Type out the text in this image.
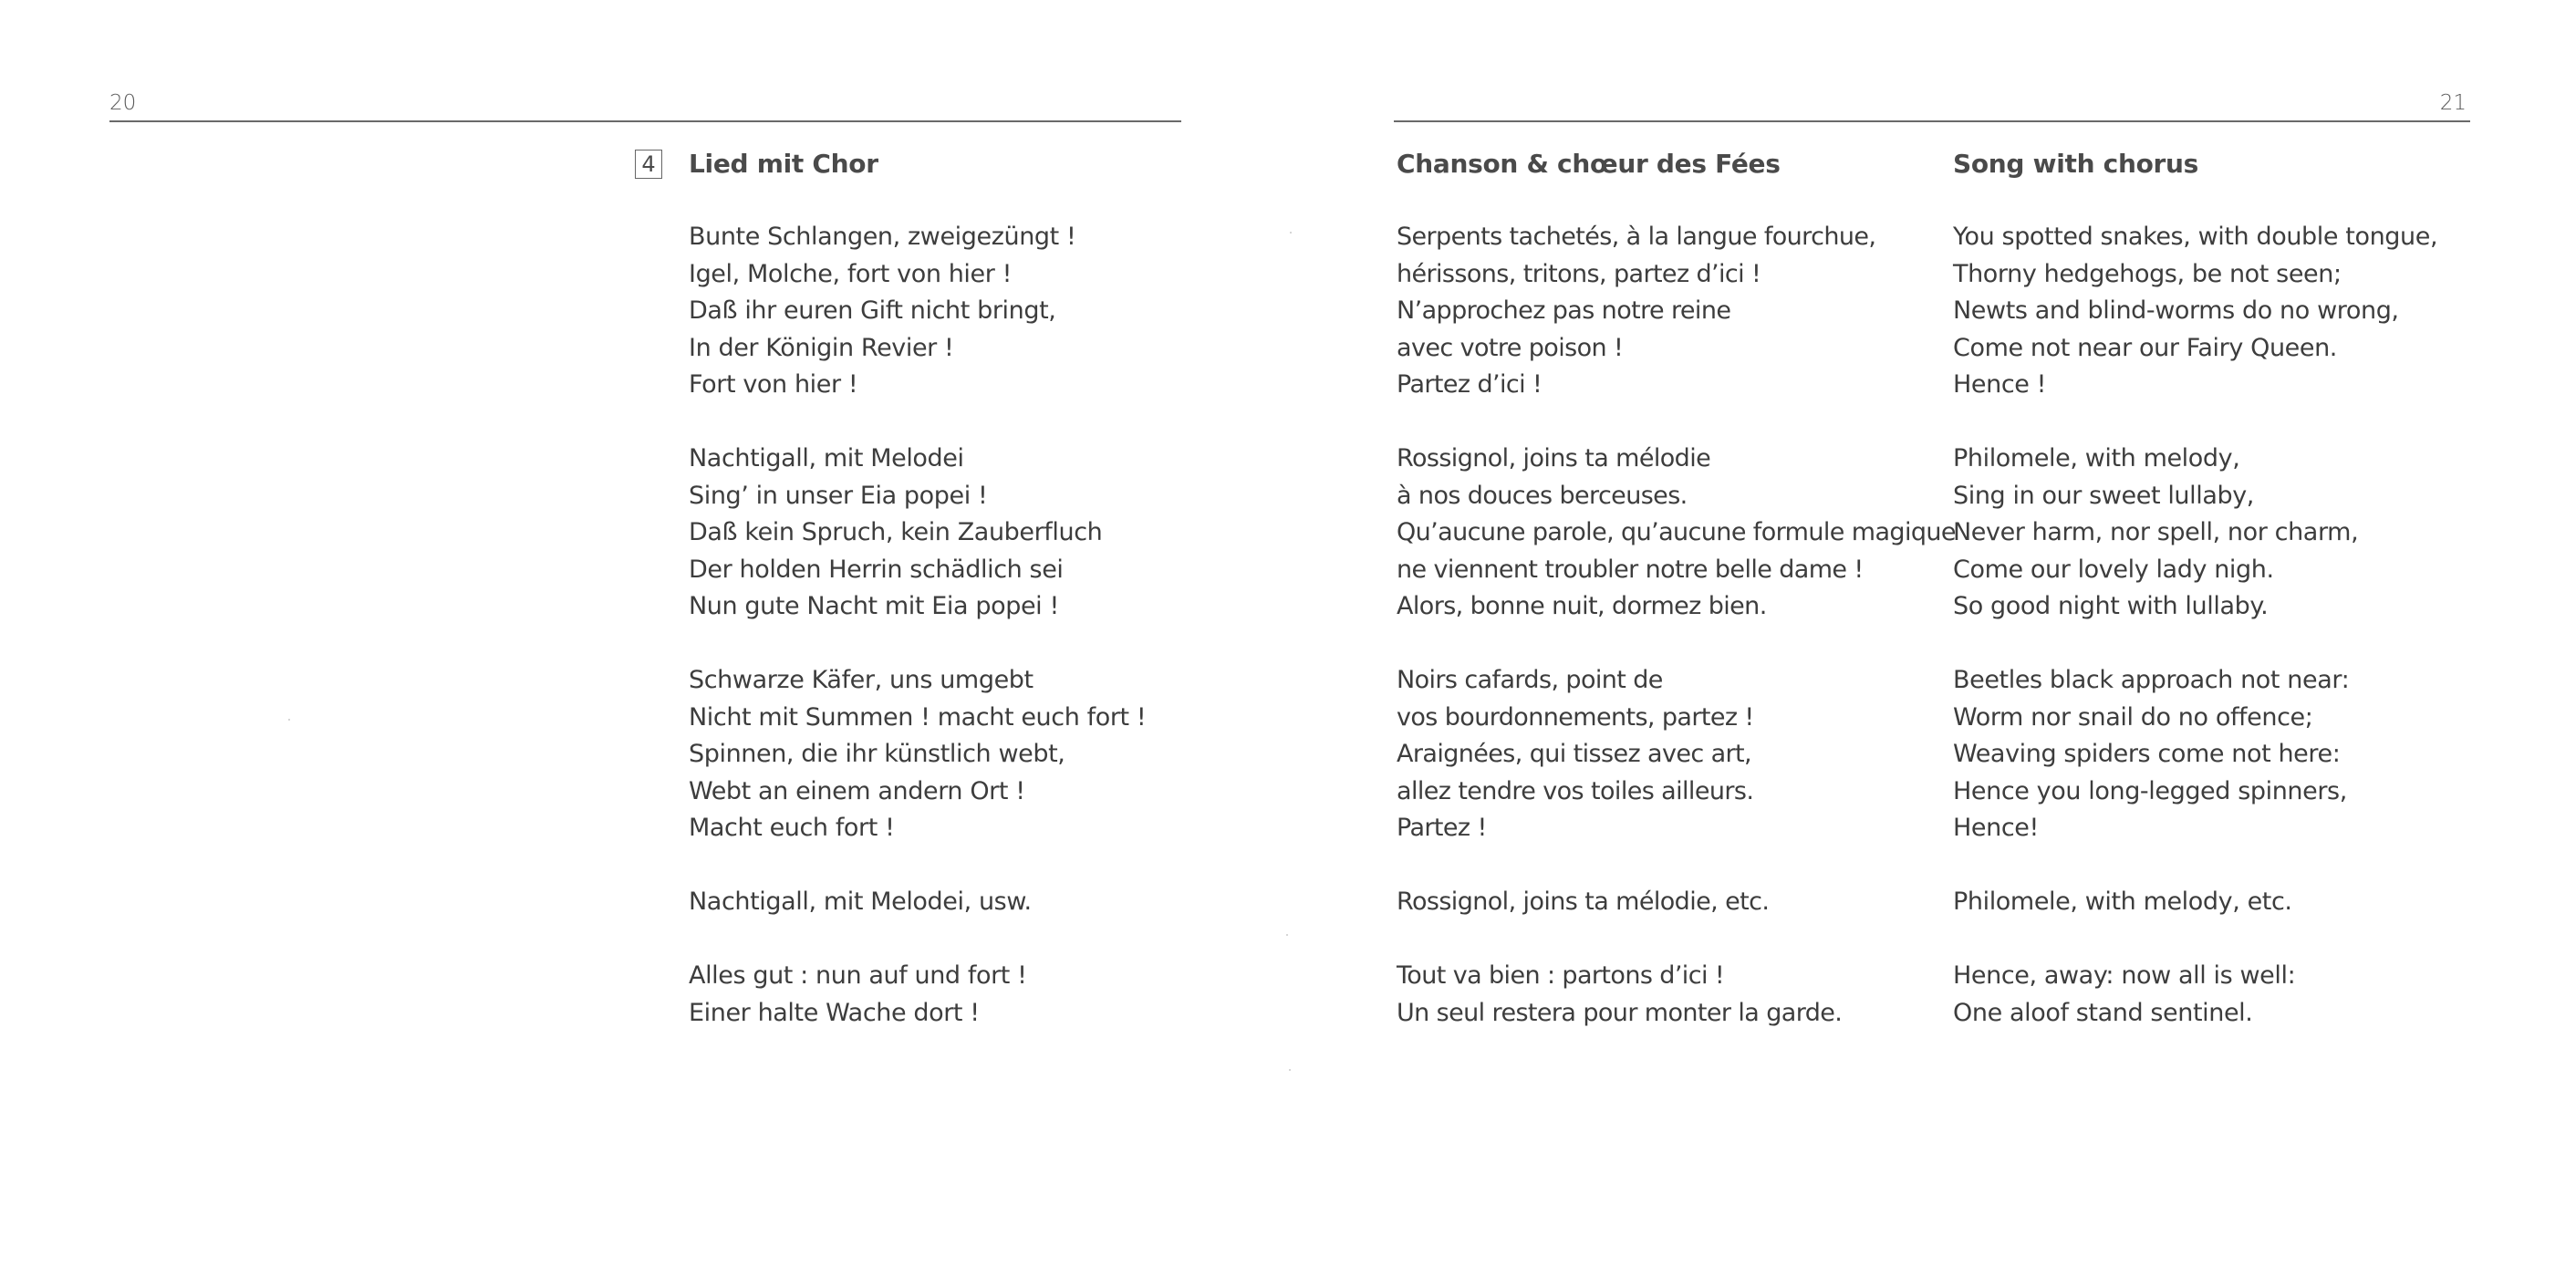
20	21
4 Lied mit Chor
Bunte Schlangen, zweigezüngt !
Igel, Molche, fort von hier !
Daß ihr euren Gift nicht bringt,
In der Königin Revier !
Fort von hier !
Nachtigall, mit Melodei
Sing’ in unser Eia popei !
Daß kein Spruch, kein Zauberfluch
Der holden Herrin schädlich sei
Nun gute Nacht mit Eia popei !
Schwarze Käfer, uns umgebt
Nicht mit Summen ! macht euch fort !
Spinnen, die ihr künstlich webt,
Webt an einem andern Ort !
Macht euch fort !
Nachtigall, mit Melodei, usw.
Alles gut : nun auf und fort !
Einer halte Wache dort !
Chanson & chœur des Fées
Serpents tachetés, à la langue fourchue,
hérissons, tritons, partez d’ici !
N’approchez pas notre reine
avec votre poison !
Partez d’ici !
Rossignol, joins ta mélodie
à nos douces berceuses.
Qu’aucune parole, qu’aucune formule magique
ne viennent troubler notre belle dame !
Alors, bonne nuit, dormez bien.
Noirs cafards, point de
vos bourdonnements, partez !
Araignées, qui tissez avec art,
allez tendre vos toiles ailleurs.
Partez !
Rossignol, joins ta mélodie, etc.
Tout va bien : partons d’ici !
Un seul restera pour monter la garde.
Song with chorus
You spotted snakes, with double tongue,
Thorny hedgehogs, be not seen;
Newts and blind-worms do no wrong,
Come not near our Fairy Queen.
Hence !
Philomele, with melody,
Sing in our sweet lullaby,
Never harm, nor spell, nor charm,
Come our lovely lady nigh.
So good night with lullaby.
Beetles black approach not near:
Worm nor snail do no offence;
Weaving spiders come not here:
Hence you long-legged spinners,
Hence!
Philomele, with melody, etc.
Hence, away: now all is well:
One aloof stand sentinel.
